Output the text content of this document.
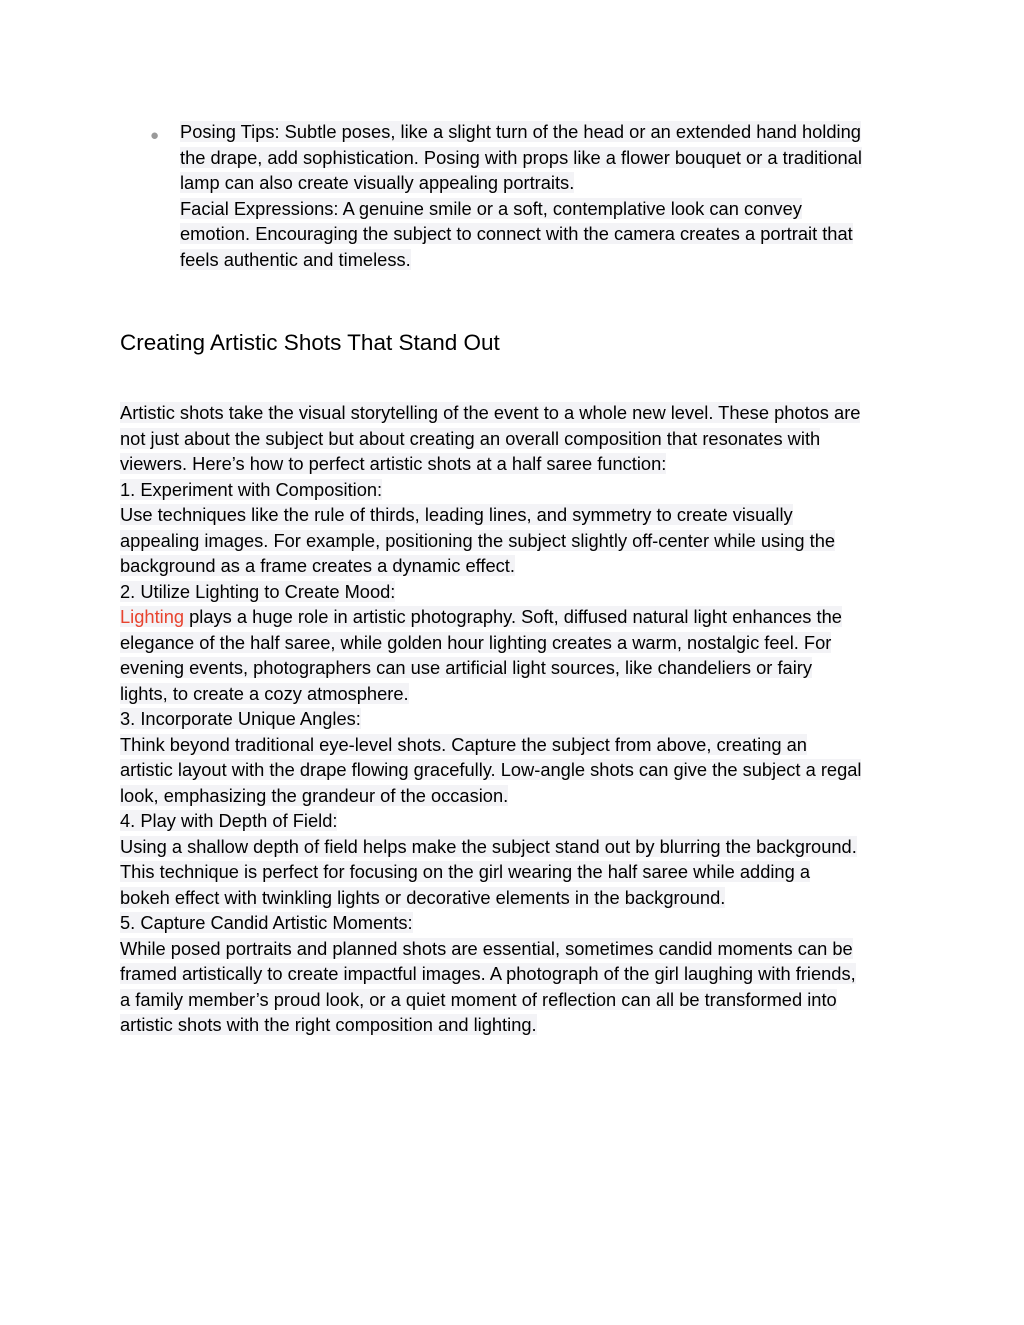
● Posing Tips: Subtle poses, like a slight turn of the head or an extended hand holding
the drape, add sophistication. Posing with props like a flower bouquet or a traditional
lamp can also create visually appealing portraits.
Facial Expressions: A genuine smile or a soft, contemplative look can convey
emotion. Encouraging the subject to connect with the camera creates a portrait that
feels authentic and timeless.
Creating Artistic Shots That Stand Out
Artistic shots take the visual storytelling of the event to a whole new level. These photos are
not just about the subject but about creating an overall composition that resonates with
viewers. Here’s how to perfect artistic shots at a half saree function:
1. Experiment with Composition:
Use techniques like the rule of thirds, leading lines, and symmetry to create visually
appealing images. For example, positioning the subject slightly off-center while using the
background as a frame creates a dynamic effect.
2. Utilize Lighting to Create Mood:
Lighting plays a huge role in artistic photography. Soft, diffused natural light enhances the
elegance of the half saree, while golden hour lighting creates a warm, nostalgic feel. For
evening events, photographers can use artificial light sources, like chandeliers or fairy
lights, to create a cozy atmosphere.
3. Incorporate Unique Angles:
Think beyond traditional eye-level shots. Capture the subject from above, creating an
artistic layout with the drape flowing gracefully. Low-angle shots can give the subject a regal
look, emphasizing the grandeur of the occasion.
4. Play with Depth of Field:
Using a shallow depth of field helps make the subject stand out by blurring the background.
This technique is perfect for focusing on the girl wearing the half saree while adding a
bokeh effect with twinkling lights or decorative elements in the background.
5. Capture Candid Artistic Moments:
While posed portraits and planned shots are essential, sometimes candid moments can be
framed artistically to create impactful images. A photograph of the girl laughing with friends,
a family member’s proud look, or a quiet moment of reflection can all be transformed into
artistic shots with the right composition and lighting.
